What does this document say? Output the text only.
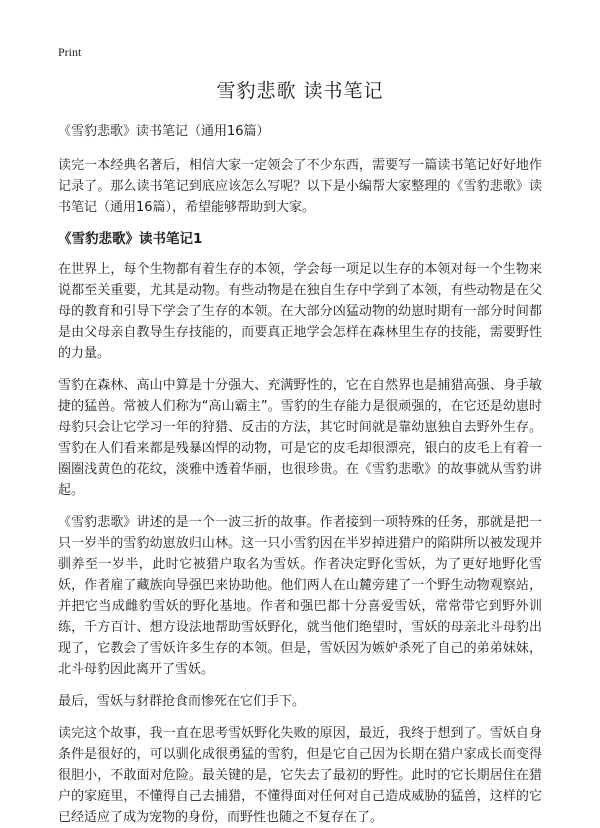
Print
雪豹悲歌 读书笔记

《雪豹悲歌》读书笔记（通用16篇）

读完一本经典名著后，相信大家一定领会了不少东西，需要写一篇读书笔记好好地作记录了。那么读书笔记到底应该怎么写呢？以下是小编帮大家整理的《雪豹悲歌》读书笔记（通用16篇），希望能够帮助到大家。

《雪豹悲歌》读书笔记1

在世界上，每个生物都有着生存的本领，学会每一项足以生存的本领对每一个生物来说都至关重要，尤其是动物。有些动物是在独自生存中学到了本领，有些动物是在父母的教育和引导下学会了生存的本领。在大部分凶猛动物的幼崽时期有一部分时间都是由父母亲自教导生存技能的，而要真正地学会怎样在森林里生存的技能，需要野性的力量。

雪豹在森林、高山中算是十分强大、充满野性的，它在自然界也是捕猎高强、身手敏捷的猛兽。常被人们称为“高山霸主”。雪豹的生存能力是很顽强的，在它还是幼崽时母豹只会让它学习一年的狩猎、反击的方法，其它时间就是靠幼崽独自去野外生存。雪豹在人们看来都是残暴凶悍的动物，可是它的皮毛却很漂亮，银白的皮毛上有着一圈圈浅黄色的花纹，淡雅中透着华丽，也很珍贵。在《雪豹悲歌》的故事就从雪豹讲起。

《雪豹悲歌》讲述的是一个一波三折的故事。作者接到一项特殊的任务，那就是把一只一岁半的雪豹幼崽放归山林。这一只小雪豹因在半岁掉进猎户的陷阱所以被发现并驯养至一岁半，此时它被猎户取名为雪妖。作者决定野化雪妖，为了更好地野化雪妖，作者雇了藏族向导强巴来协助他。他们两人在山麓旁建了一个野生动物观察站，并把它当成雌豹雪妖的野化基地。作者和强巴都十分喜爱雪妖，常常带它到野外训练，千方百计、想方设法地帮助雪妖野化，就当他们绝望时，雪妖的母亲北斗母豹出现了，它教会了雪妖许多生存的本领。但是，雪妖因为嫉妒杀死了自己的弟弟妹妹，北斗母豹因此离开了雪妖。

最后，雪妖与豺群抢食而惨死在它们手下。

读完这个故事，我一直在思考雪妖野化失败的原因，最近，我终于想到了。雪妖自身条件是很好的，可以驯化成很勇猛的雪豹，但是它自己因为长期在猎户家成长而变得很胆小，不敢面对危险。最关键的是，它失去了最初的野性。此时的它长期居住在猎户的家庭里，不懂得自己去捕猎，不懂得面对任何对自己造成威胁的猛兽，这样的它已经适应了成为宠物的身份，而野性也随之不复存在了。
